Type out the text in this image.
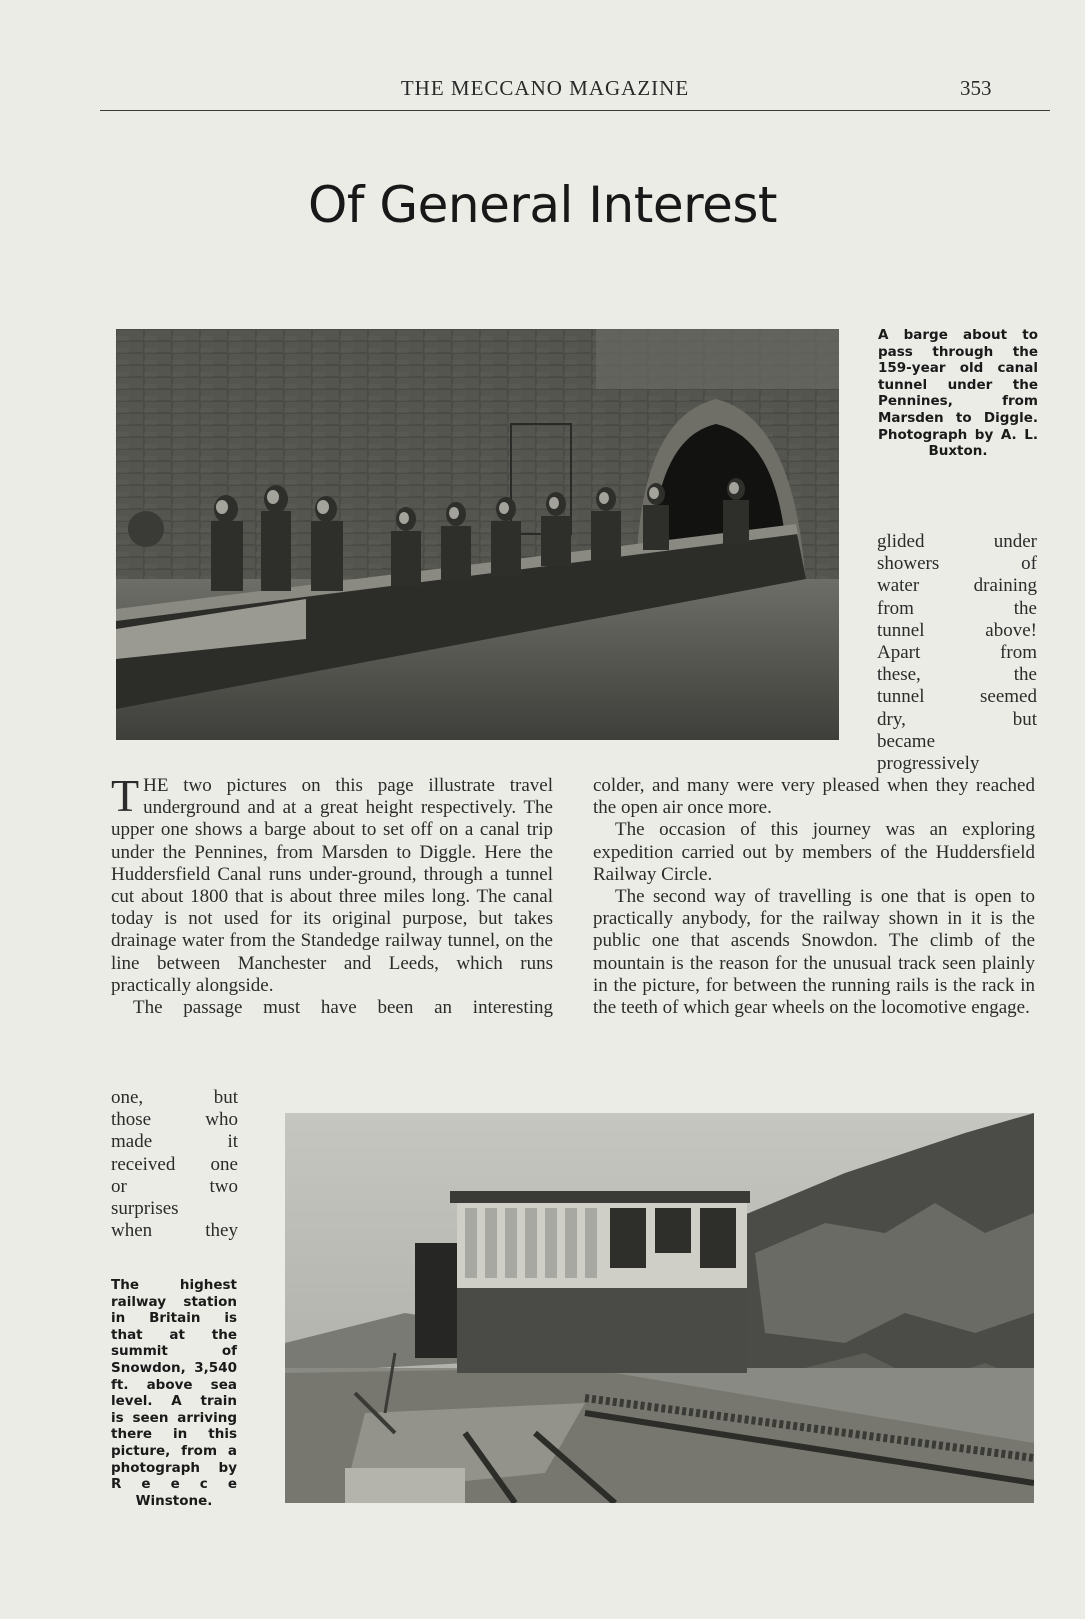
THE MECCANO MAGAZINE	353
Of General Interest
A barge about to
pass through the
159-year old canal
tunnel under the
Pennines, from
Marsden to Diggle.
Photograph by A. L.
Buxton.
glided under
showers of
water draining
from the
tunnel above!
Apart from
these, the
tunnel seemed
dry, but
became
progressively

THE two pictures on this page illustrate travel underground and at a great height respectively. The upper one shows a barge about to set off on a canal trip under the Pennines, from Marsden to Diggle. Here the Huddersfield Canal runs under-ground, through a tunnel cut about 1800 that is about three miles long. The canal today is not used for its original purpose, but takes drainage water from the Standedge railway tunnel, on the line between Manchester and Leeds, which runs practically alongside.

The passage must have been an interesting
one, but
those who
made it
received one
or two
surprises
when they

colder, and many were very pleased when they reached the open air once more.

The occasion of this journey was an exploring expedition carried out by members of the Huddersfield Railway Circle.

The second way of travelling is one that is open to practically anybody, for the railway shown in it is the public one that ascends Snowdon. The climb of the mountain is the reason for the unusual track seen plainly in the picture, for between the running rails is the rack in the teeth of which gear wheels on the locomotive engage.

The highest
railway station
in Britain is
that at the
summit of
Snowdon, 3,540
ft. above sea
level. A train
is seen arriving
there in this
picture, from a
photograph by
R e e c e
Winstone.
